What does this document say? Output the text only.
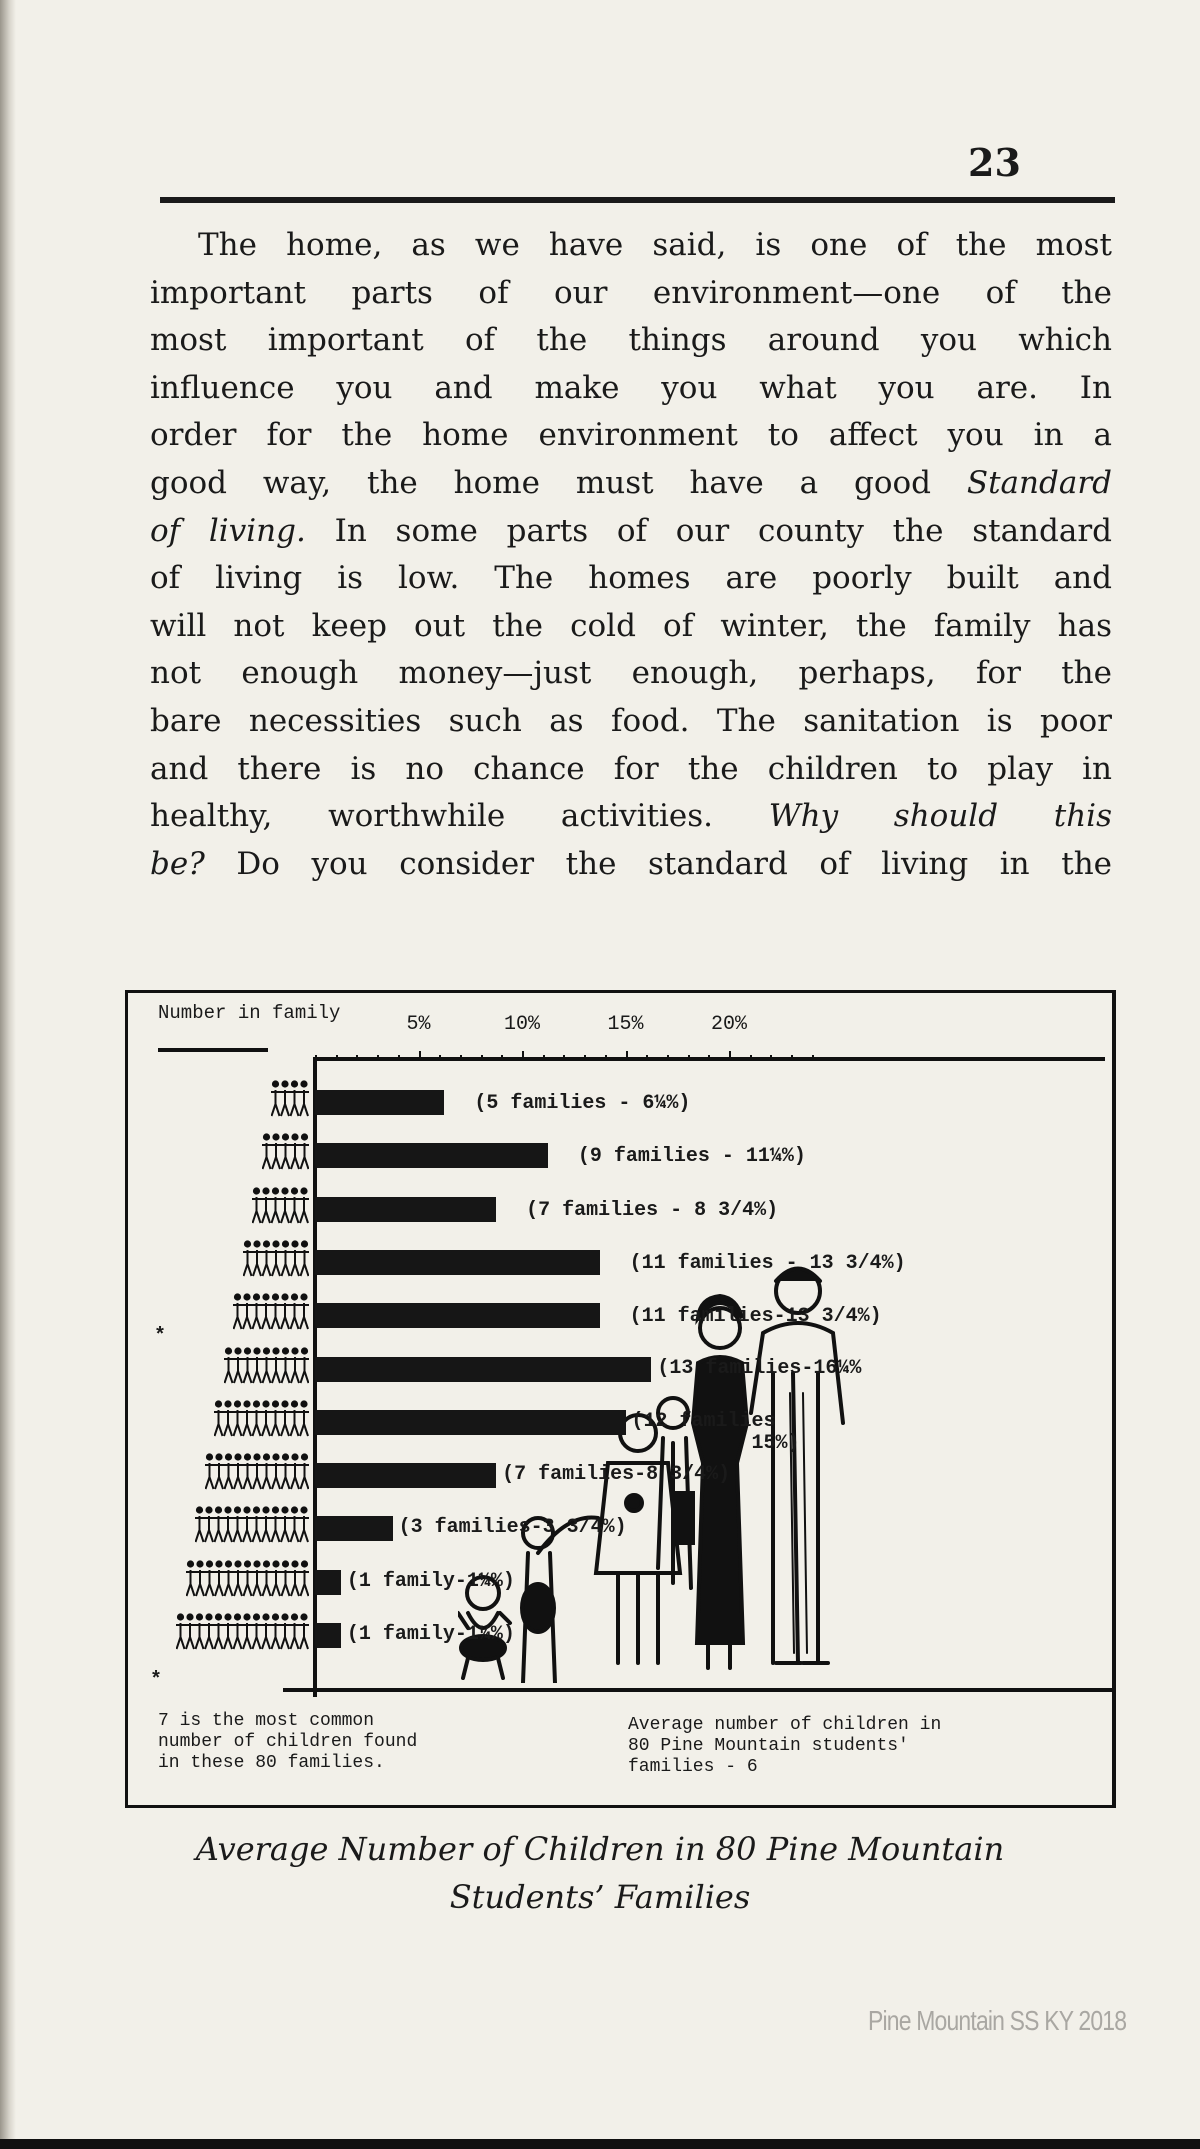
23
The home, as we have said, is one of the most
important parts of our environment—one of the
most important of the things around you which
influence you and make you what you are. In
order for the home environment to affect you in a
good way, the home must have a good Standard
of living. In some parts of our county the standard
of living is low. The homes are poorly built and
will not keep out the cold of winter, the family has
not enough money—just enough, perhaps, for the
bare necessities such as food. The sanitation is poor
and there is no chance for the children to play in
healthy, worthwhile activities. Why should this
be? Do you consider the standard of living in the
Number in family
*
*
7 is the most common
number of children found
in these 80 families.
Average number of children in
80 Pine Mountain students'
families - 6
5%	10%	15%	20%
(5 families - 6¼%)
(9 families - 11¼%)
(7 families - 8 3/4%)
(11 families - 13 3/4%)
(11 families-13 3/4%)
(13 families-16¼%
(12 families
15%)
(7 families-8 3/4%)
(3 families-3 3/4%)
(1 family-1¼%)
(1 family-1¼%)
Average Number of Children in 80 Pine Mountain
Students’ Families
Pine Mountain SS KY 2018
